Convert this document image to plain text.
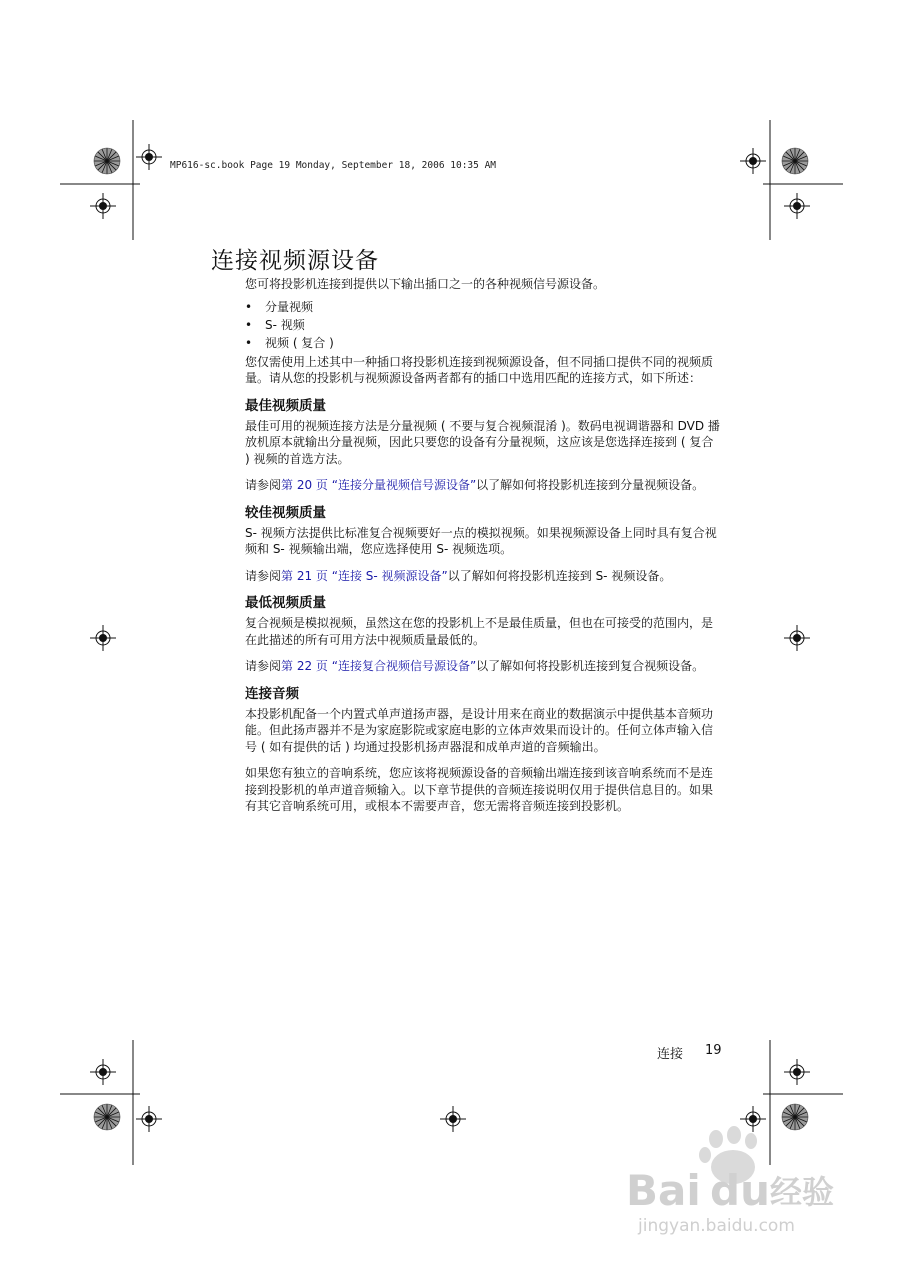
MP616-sc.book Page 19 Monday, September 18, 2006 10:35 AM
连接视频源设备

您可将投影机连接到提供以下输出插口之一的各种视频信号源设备。

• 分量视频
• S- 视频
• 视频 ( 复合 )

您仅需使用上述其中一种插口将投影机连接到视频源设备，但不同插口提供不同的视频质量。请从您的投影机与视频源设备两者都有的插口中选用匹配的连接方式，如下所述：

最佳视频质量

最佳可用的视频连接方法是分量视频 ( 不要与复合视频混淆 )。数码电视调谐器和 DVD 播放机原本就输出分量视频，因此只要您的设备有分量视频，这应该是您选择连接到 ( 复合 ) 视频的首选方法。

请参阅第 20 页 “连接分量视频信号源设备”以了解如何将投影机连接到分量视频设备。

较佳视频质量

S- 视频方法提供比标准复合视频要好一点的模拟视频。如果视频源设备上同时具有复合视频和 S- 视频输出端，您应选择使用 S- 视频选项。

请参阅第 21 页 “连接 S- 视频源设备”以了解如何将投影机连接到 S- 视频设备。

最低视频质量

复合视频是模拟视频，虽然这在您的投影机上不是最佳质量，但也在可接受的范围内，是在此描述的所有可用方法中视频质量最低的。

请参阅第 22 页 “连接复合视频信号源设备”以了解如何将投影机连接到复合视频设备。

连接音频

本投影机配备一个内置式单声道扬声器，是设计用来在商业的数据演示中提供基本音频功能。但此扬声器并不是为家庭影院或家庭电影的立体声效果而设计的。任何立体声输入信号 ( 如有提供的话 ) 均通过投影机扬声器混和成单声道的音频输出。

如果您有独立的音响系统，您应该将视频源设备的音频输出端连接到该音响系统而不是连接到投影机的单声道音频输入。以下章节提供的音频连接说明仅用于提供信息目的。如果有其它音响系统可用，或根本不需要声音，您无需将音频连接到投影机。

连接 19
Bai du 经验
jingyan.baidu.com
